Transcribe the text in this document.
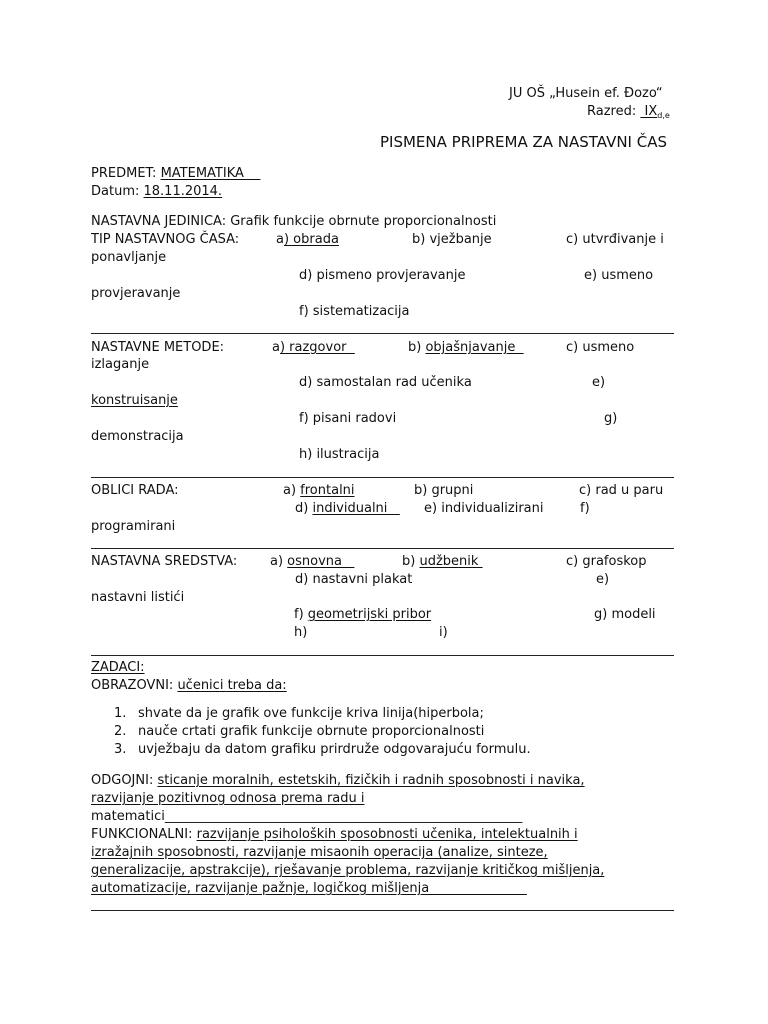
JU OŠ „Husein ef. Đozo“
Razred:  $IX_{d,e}$
PISMENA PRIPREMA ZA NASTAVNI ČAS
PREDMET: MATEMATIKA
Datum: 18.11.2014.
NASTAVNA JEDINICA: Grafik funkcije obrnute proporcionalnosti
TIP NASTAVNOG ČASA:	a) obrada	b) vježbanje	c) utvrđivanje i
ponavljanje
d) pismeno provjeravanje	e) usmeno
provjeravanje
f) sistematizacija
NASTAVNE METODE:	a) razgovor	b) objašnjavanje	c) usmeno
izlaganje
d) samostalan rad učenika	e)
konstruisanje
f) pisani radovi	g)
demonstracija
h) ilustracija
OBLICI RADA:	a) frontalni	b) grupni	c) rad u paru
d) individualni e) individualizirani	f)
programirani
NASTAVNA SREDSTVA:	a) osnovna	b) udžbenik	c) grafoskop
d) nastavni plakat	e)
nastavni listići
f) geometrijski pribor	g) modeli
h)	i)
ZADACI:
OBRAZOVNI: učenici treba da:
1. shvate da je grafik ove funkcije kriva linija(hiperbola;
2. nauče crtati grafik funkcije obrnute proporcionalnosti
3. uvježbaju da datom grafiku prirdruže odgovarajuću formulu.
ODGOJNI: sticanje moralnih, estetskih, fizičkih i radnih sposobnosti i navika,
razvijanje pozitivnog odnosa prema radu i
matematici_______________________________________________________
FUNKCIONALNI: razvijanje psiholoških sposobnosti učenika, intelektualnih i
izražajnih sposobnosti, razvijanje misaonih operacija (analize, sinteze,
generalizacije, apstrakcije), rješavanje problema, razvijanje kritičkog mišljenja,
automatizacije, razvijanje pažnje, logičkog mišljenja_______________
